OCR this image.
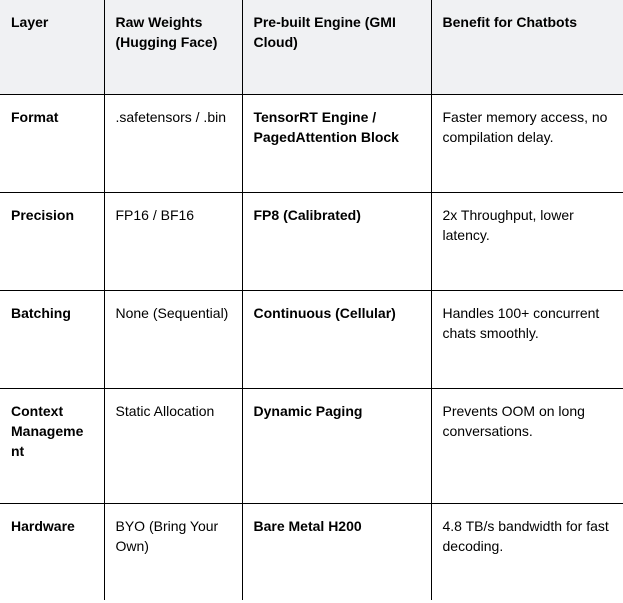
Layer	Raw Weights (Hugging Face)	Pre-built Engine (GMI Cloud)	Benefit for Chatbots
Format	.safetensors / .bin	TensorRT Engine / PagedAttention Block	Faster memory access, no compilation delay.
Precision	FP16 / BF16	FP8 (Calibrated)	2x Throughput, lower latency.
Batching	None (Sequential)	Continuous (Cellular)	Handles 100+ concurrent chats smoothly.
Context Manageme nt	Static Allocation	Dynamic Paging	Prevents OOM on long conversations.
Hardware	BYO (Bring Your Own)	Bare Metal H200	4.8 TB/s bandwidth for fast decoding.
